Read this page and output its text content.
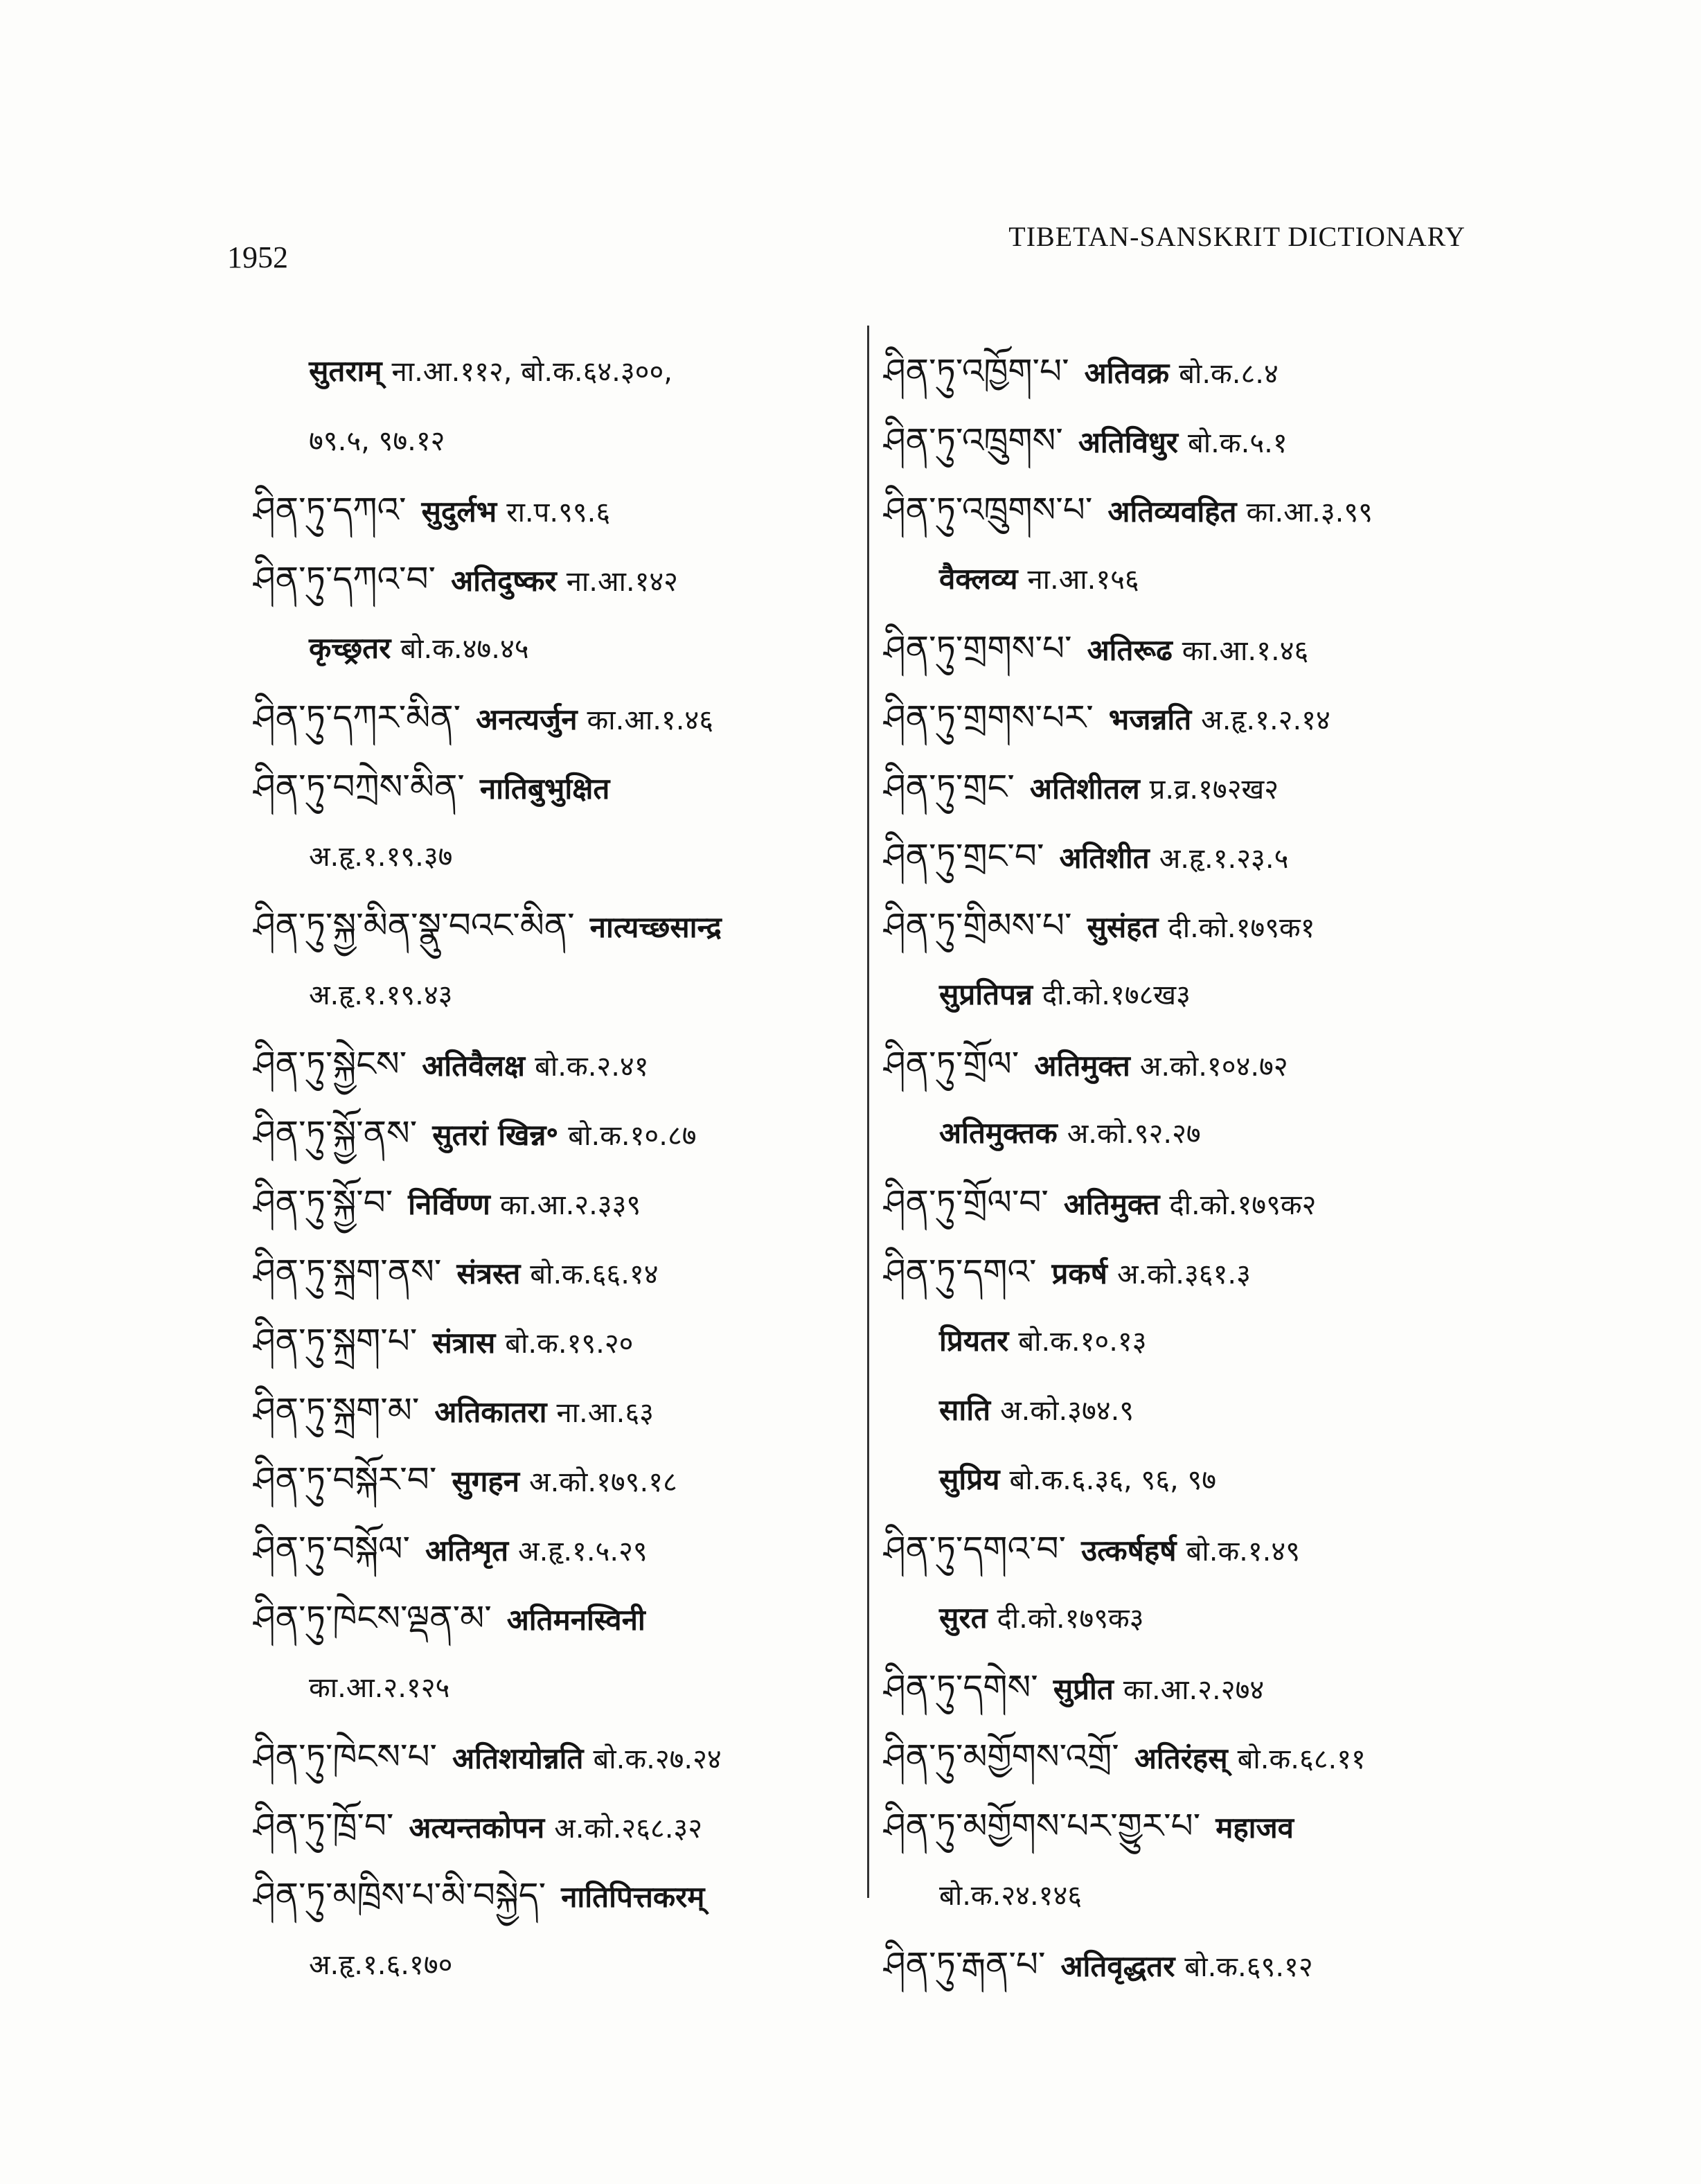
1952
TIBETAN-SANSKRIT DICTIONARY
सुतराम् ना.आ.११२, बो.क.६४.३००,
७९.५, ९७.१२
ཤིན་ཏུ་དཀའ་ सुदुर्लभ रा.प.९९.६
ཤིན་ཏུ་དཀའ་བ་ अतिदुष्कर ना.आ.१४२
कृच्छ्रतर बो.क.४७.४५
ཤིན་ཏུ་དཀར་མིན་ अनत्यर्जुन का.आ.१.४६
ཤིན་ཏུ་བཀྲེས་མིན་ नातिबुभुक्षित
अ.हृ.१.१९.३७
ཤིན་ཏུ་སྐྱ་མིན་སྣུ་བའང་མིན་ नात्यच्छसान्द्र
अ.हृ.१.१९.४३
ཤིན་ཏུ་སྐྱེངས་ अतिवैलक्ष बो.क.२.४१
ཤིན་ཏུ་སྐྱོ་ནས་ सुतरां खिन्न॰ बो.क.१०.८७
ཤིན་ཏུ་སྐྱོ་བ་ निर्विण्ण का.आ.२.३३९
ཤིན་ཏུ་སྐྲག་ནས་ संत्रस्त बो.क.६६.१४
ཤིན་ཏུ་སྐྲག་པ་ संत्रास बो.क.१९.२०
ཤིན་ཏུ་སྐྲག་མ་ अतिकातरा ना.आ.६३
ཤིན་ཏུ་བསྐོར་བ་ सुगहन अ.को.१७९.१८
ཤིན་ཏུ་བསྐོལ་ अतिशृत अ.हृ.१.५.२९
ཤིན་ཏུ་ཁེངས་ལྡན་མ་ अतिमनस्विनी
का.आ.२.१२५
ཤིན་ཏུ་ཁེངས་པ་ अतिशयोन्नति बो.क.२७.२४
ཤིན་ཏུ་ཁྲོ་བ་ अत्यन्तकोपन अ.को.२६८.३२
ཤིན་ཏུ་མཁྲིས་པ་མི་བསྐྱེད་ नातिपित्तकरम्
अ.हृ.१.६.१७०
ཤིན་ཏུ་འཁྱོག་པ་ अतिवक्र बो.क.८.४
ཤིན་ཏུ་འཁྲུགས་ अतिविधुर बो.क.५.१
ཤིན་ཏུ་འཁྲུགས་པ་ अतिव्यवहित का.आ.३.९९
वैक्लव्य ना.आ.१५६
ཤིན་ཏུ་གྲགས་པ་ अतिरूढ का.आ.१.४६
ཤིན་ཏུ་གྲགས་པར་ भजन्नति अ.हृ.१.२.१४
ཤིན་ཏུ་གྲང་ अतिशीतल प्र.व्र.१७२ख२
ཤིན་ཏུ་གྲང་བ་ अतिशीत अ.हृ.१.२३.५
ཤིན་ཏུ་གྲིམས་པ་ सुसंहत दी.को.१७९क१
सुप्रतिपन्न दी.को.१७८ख३
ཤིན་ཏུ་གྲོལ་ अतिमुक्त अ.को.१०४.७२
अतिमुक्तक अ.को.९२.२७
ཤིན་ཏུ་གྲོལ་བ་ अतिमुक्त दी.को.१७९क२
ཤིན་ཏུ་དགའ་ प्रकर्ष अ.को.३६१.३
प्रियतर बो.क.१०.१३
साति अ.को.३७४.९
सुप्रिय बो.क.६.३६, ९६, ९७
ཤིན་ཏུ་དགའ་བ་ उत्कर्षहर्ष बो.क.१.४९
सुरत दी.को.१७९क३
ཤིན་ཏུ་དགེས་ सुप्रीत का.आ.२.२७४
ཤིན་ཏུ་མགྱོགས་འགྲོ་ अतिरंहस् बो.क.६८.११
ཤིན་ཏུ་མགྱོགས་པར་གྱུར་པ་ महाजव
बो.क.२४.१४६
ཤིན་ཏུ་རྒན་པ་ अतिवृद्धतर बो.क.६९.१२
